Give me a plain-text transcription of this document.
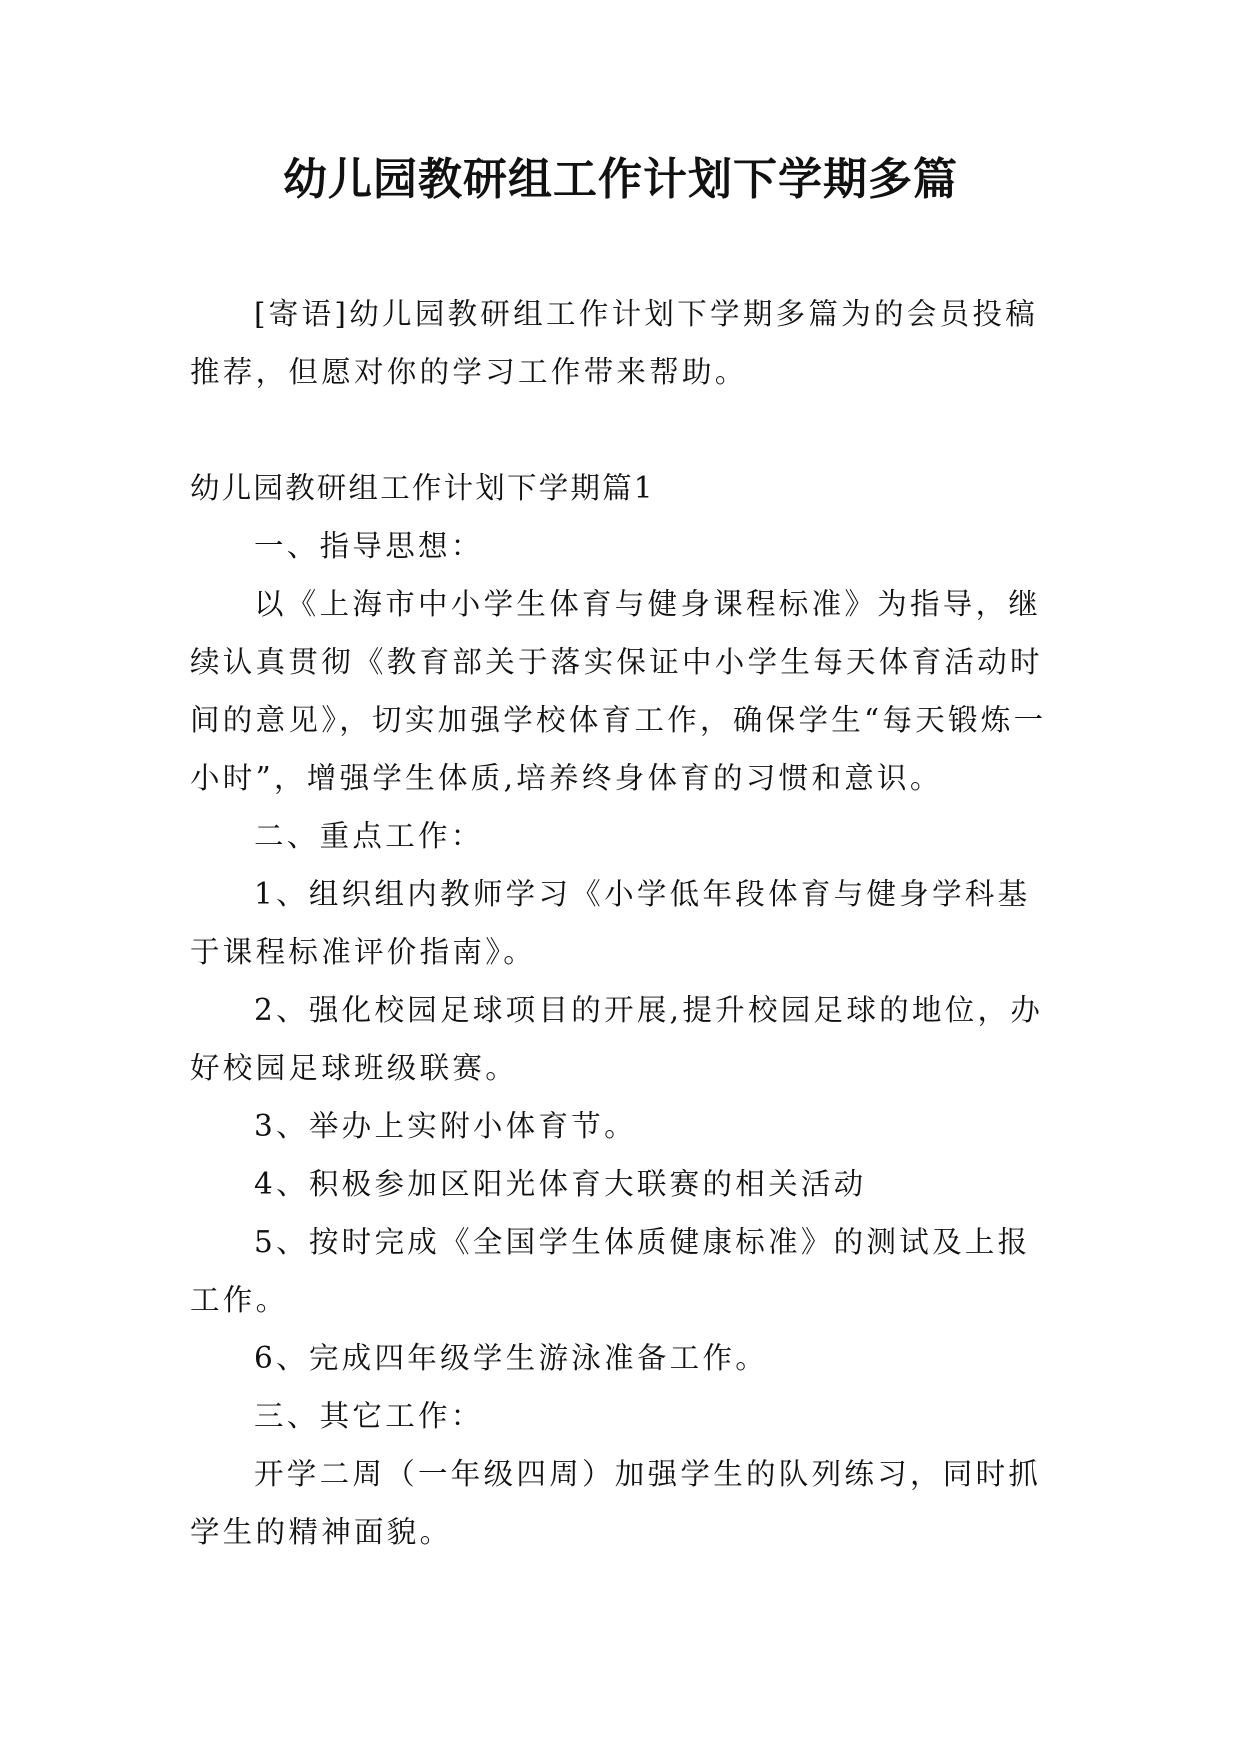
幼儿园教研组工作计划下学期多篇

[寄语]幼儿园教研组工作计划下学期多篇为的会员投稿推荐，但愿对你的学习工作带来帮助。

幼儿园教研组工作计划下学期篇1

一、指导思想：

以《上海市中小学生体育与健身课程标准》为指导，继续认真贯彻《教育部关于落实保证中小学生每天体育活动时间的意见》，切实加强学校体育工作，确保学生“每天锻炼一小时”，增强学生体质,培养终身体育的习惯和意识。

二、重点工作：

1、组织组内教师学习《小学低年段体育与健身学科基于课程标准评价指南》。

2、强化校园足球项目的开展,提升校园足球的地位，办好校园足球班级联赛。

3、举办上实附小体育节。

4、积极参加区阳光体育大联赛的相关活动

5、按时完成《全国学生体质健康标准》的测试及上报工作。

6、完成四年级学生游泳准备工作。

三、其它工作：

开学二周（一年级四周）加强学生的队列练习，同时抓学生的精神面貌。
